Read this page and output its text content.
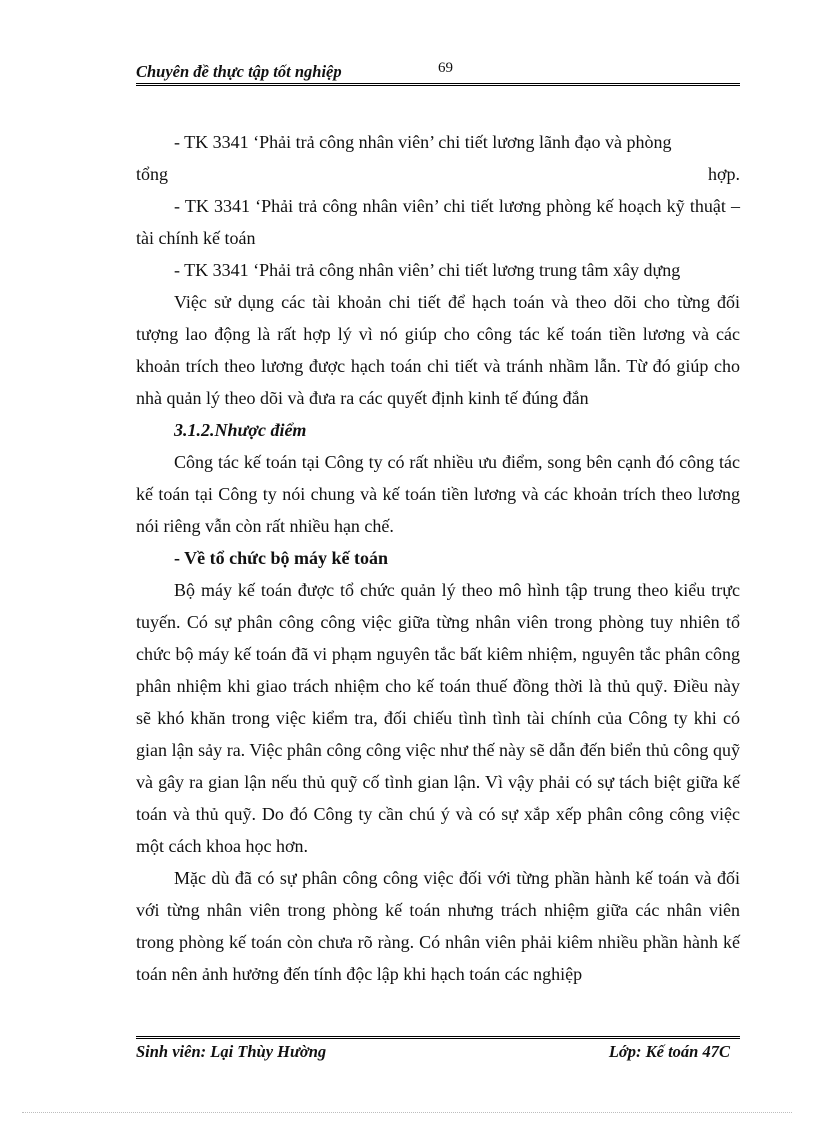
Chuyên đề thực tập tốt nghiệp	69

- TK 3341 ‘Phải trả công nhân viên’ chi tiết lương lãnh đạo và phòng

tổng	hợp.

- TK 3341 ‘Phải trả công nhân viên’ chi tiết lương phòng kế hoạch kỹ thuật – tài chính kế toán

- TK 3341 ‘Phải trả công nhân viên’ chi tiết lương trung tâm xây dựng

Việc sử dụng các tài khoản chi tiết để hạch toán và theo dõi cho từng đối tượng lao động là rất hợp lý vì nó giúp cho công tác kế toán tiền lương và các khoản trích theo lương được hạch toán chi tiết và tránh nhầm lẫn. Từ đó giúp cho nhà quản lý theo dõi và đưa ra các quyết định kinh tế đúng đắn

3.1.2.Nhược điểm

Công tác kế toán tại Công ty có rất nhiều ưu điểm, song bên cạnh đó công tác kế toán tại Công ty nói chung và kế toán tiền lương và các khoản trích theo lương nói riêng vẫn còn rất nhiều hạn chế.

- Về tổ chức bộ máy kế toán

Bộ máy kế toán được tổ chức quản lý theo mô hình tập trung theo kiểu trực tuyến. Có sự phân công công việc giữa từng nhân viên trong phòng tuy nhiên tổ chức bộ máy kế toán đã vi phạm nguyên tắc bất kiêm nhiệm, nguyên tắc phân công phân nhiệm khi giao trách nhiệm cho kế toán thuế đồng thời là thủ quỹ. Điều này sẽ khó khăn trong việc kiểm tra, đối chiếu tình tình tài chính của Công ty khi có gian lận sảy ra. Việc phân công công việc như thế này sẽ dẫn đến biển thủ công quỹ và gây ra gian lận nếu thủ quỹ cố tình gian lận. Vì vậy phải có sự tách biệt giữa kế toán và thủ quỹ. Do đó Công ty cần chú ý và có sự xắp xếp phân công công việc một cách khoa học hơn.

Mặc dù đã có sự phân công công việc đối với từng phần hành kế toán và đối với từng nhân viên trong phòng kế toán nhưng trách nhiệm giữa các nhân viên trong phòng kế toán còn chưa rõ ràng. Có nhân viên phải kiêm nhiều phần hành kế toán nên ảnh hưởng đến tính độc lập khi hạch toán các nghiệp

Sinh viên: Lại Thùy Hường	Lớp: Kế toán 47C
